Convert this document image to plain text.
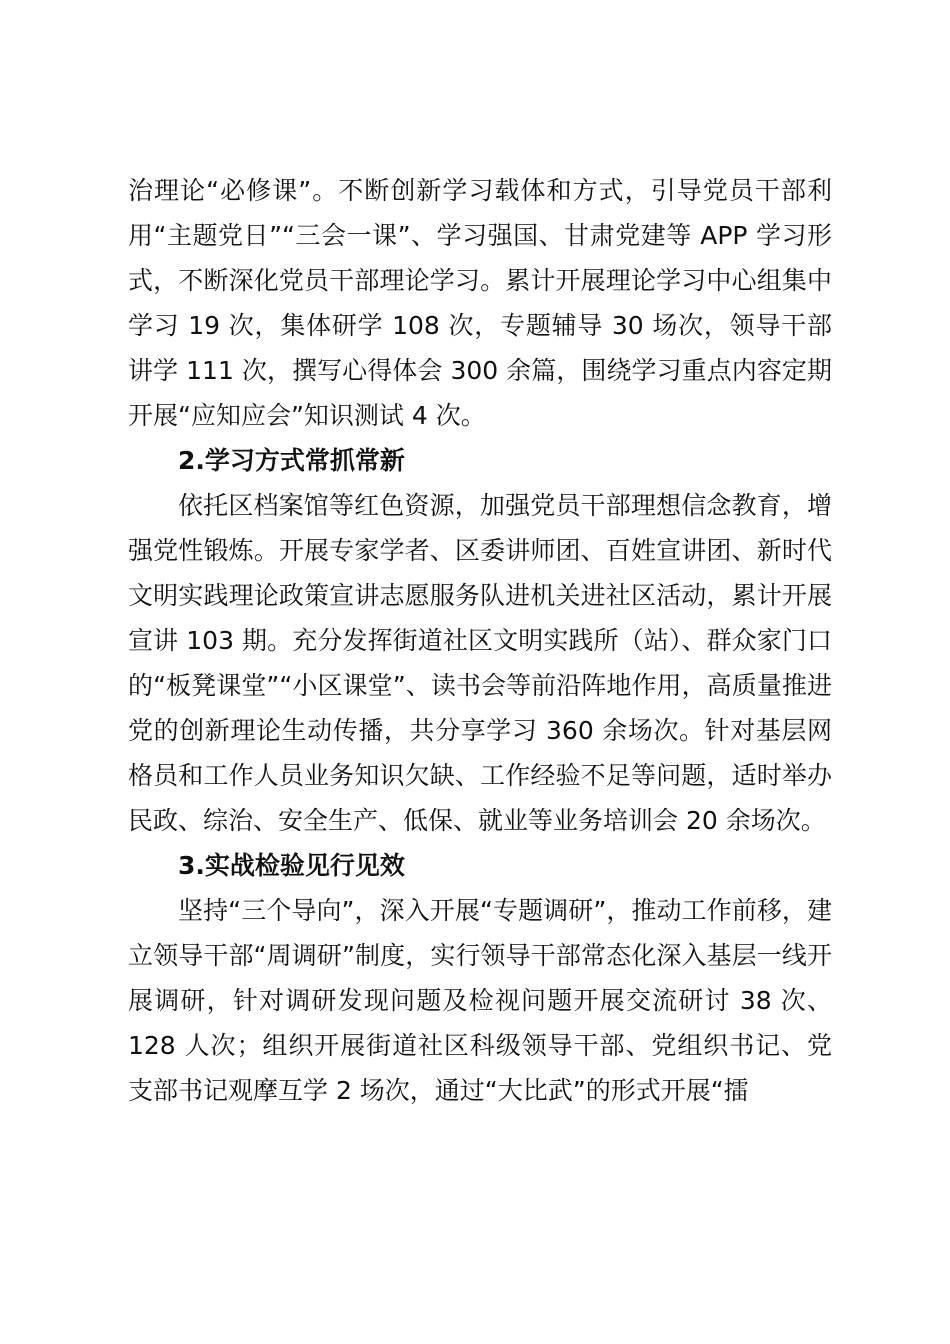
治理论“必修课”。不断创新学习载体和方式，引导党员干部利用“主题党日”“三会一课”、学习强国、甘肃党建等 APP 学习形式，不断深化党员干部理论学习。累计开展理论学习中心组集中学习 19 次，集体研学 108 次，专题辅导 30 场次，领导干部讲学 111 次，撰写心得体会 300 余篇，围绕学习重点内容定期开展“应知应会”知识测试 4 次。

2.学习方式常抓常新

依托区档案馆等红色资源，加强党员干部理想信念教育，增强党性锻炼。开展专家学者、区委讲师团、百姓宣讲团、新时代文明实践理论政策宣讲志愿服务队进机关进社区活动，累计开展宣讲 103 期。充分发挥街道社区文明实践所（站）、群众家门口的“板凳课堂”“小区课堂”、读书会等前沿阵地作用，高质量推进党的创新理论生动传播，共分享学习 360 余场次。针对基层网格员和工作人员业务知识欠缺、工作经验不足等问题，适时举办民政、综治、安全生产、低保、就业等业务培训会 20 余场次。

3.实战检验见行见效

坚持“三个导向”，深入开展“专题调研”，推动工作前移，建立领导干部“周调研”制度，实行领导干部常态化深入基层一线开展调研，针对调研发现问题及检视问题开展交流研讨 38 次、128 人次；组织开展街道社区科级领导干部、党组织书记、党支部书记观摩互学 2 场次，通过“大比武”的形式开展“擂
